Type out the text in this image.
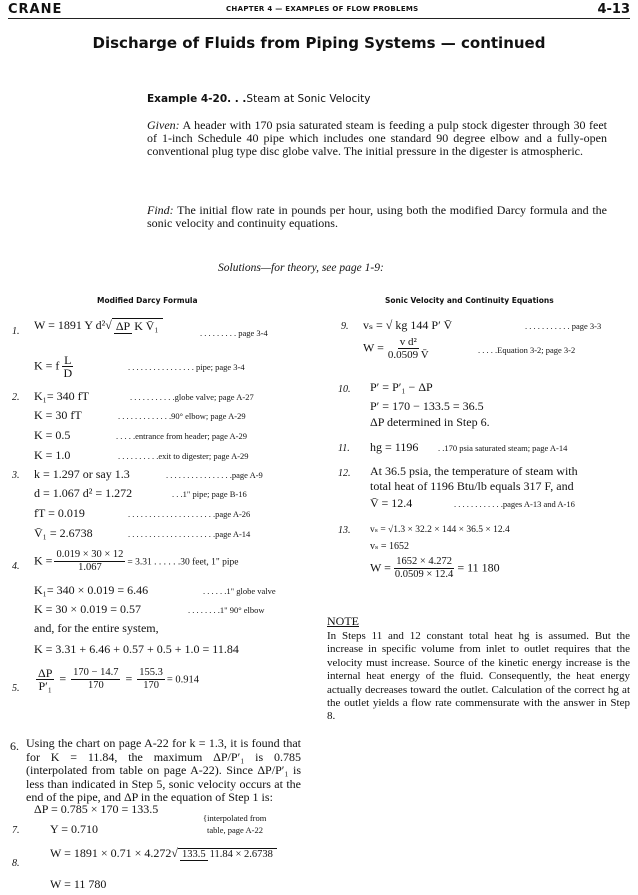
CRANE	CHAPTER 4 — EXAMPLES OF FLOW PROBLEMS	4-13
Discharge of Fluids from Piping Systems — continued
Example 4-20. . .Steam at Sonic Velocity
Given: A header with 170 psia saturated steam is feeding a pulp stock digester through 30 feet of 1-inch Schedule 40 pipe which includes one standard 90 degree elbow and a fully-open conventional plug type disc globe valve. The initial pressure in the digester is atmospheric.
Find: The initial flow rate in pounds per hour, using both the modified Darcy formula and the sonic velocity and continuity equations.
Solutions—for theory, see page 1-9:
Modified Darcy Formula
1. W = 1891 Y d²√ ΔP K V̄₁	. . . . . . . . . page 3-4
K = f $\frac{L}{D}$	. . . . . . . . . . . . . . . . pipe; page 3-4
2. K₁= 340 fT	. . . . . . . . . . .globe valve; page A-27
K = 30 fT	. . . . . . . . . . . . .90° elbow; page A-29
K = 0.5	. . . . .entrance from header; page A-29
K = 1.0	. . . . . . . . . .exit to digester; page A-29
3. k = 1.297 or say 1.3	. . . . . . . . . . . . . . . .page A-9
d = 1.067 d² = 1.272	. . .1" pipe; page B-16
fT = 0.019	. . . . . . . . . . . . . . . . . . . . .page A-26
V̄₁ = 2.6738	. . . . . . . . . . . . . . . . . . . . .page A-14
4. $K = \frac{0.019 \times 30 \times 12}{1.067} = 3.31$ . . . . . .30 feet, 1" pipe
K₁= 340 × 0.019 = 6.46	. . . . . .1" globe valve
K = 30 × 0.019 = 0.57	. . . . . . . .1" 90° elbow
and, for the entire system,
K = 3.31 + 6.46 + 0.57 + 0.5 + 1.0 = 11.84
5. $\frac{\Delta P}{\text{P′₁}} = \frac{170 - 14.7}{170} = \frac{155.3}{170} = 0.914$
6. Using the chart on page A-22 for k = 1.3, it is found that for K = 11.84, the maximum ΔP/P′₁ is 0.785 (interpolated from table on page A-22). Since ΔP/P′₁ is less than indicated in Step 5, sonic velocity occurs at the end of the pipe, and ΔP in the equation of Step 1 is:
ΔP = 0.785 × 170 = 133.5
7.	Y = 0.710
{interpolated from
table, page A-22
8.
W = 1891 × 0.71 × 4.272√ 133.5 11.84 × 2.6738
W = 11 780
Sonic Velocity and Continuity Equations
9. vₛ = √ kg 144 P′ V̄	. . . . . . . . . . . page 3-3
$W = \frac{\text{v d²}}{0.0509 V̄}$	. . . . .Equation 3-2; page 3-2
10. P′ = P′₁ − ΔP
P′ = 170 − 133.5 = 36.5
ΔP determined in Step 6.
11. hg = 1196 . .170 psia saturated steam; page A-14
12. At 36.5 psia, the temperature of steam with
total heat of 1196 Btu/lb equals 317 F, and
V̄ = 12.4	. . . . . . . . . . . .pages A-13 and A-16
13. vₛ = √1.3 × 32.2 × 144 × 36.5 × 12.4
vₛ = 1652
$W = \frac{1652 \times 4.272}{0.0509 \times 12.4} = 11$ 180
NOTE
In Steps 11 and 12 constant total heat hg is assumed. But the increase in specific volume from inlet to outlet requires that the velocity must increase. Source of the kinetic energy increase is the internal heat energy of the fluid. Consequently, the heat energy actually decreases toward the outlet. Calculation of the correct hg at the outlet yields a flow rate commensurate with the answer in Step 8.
